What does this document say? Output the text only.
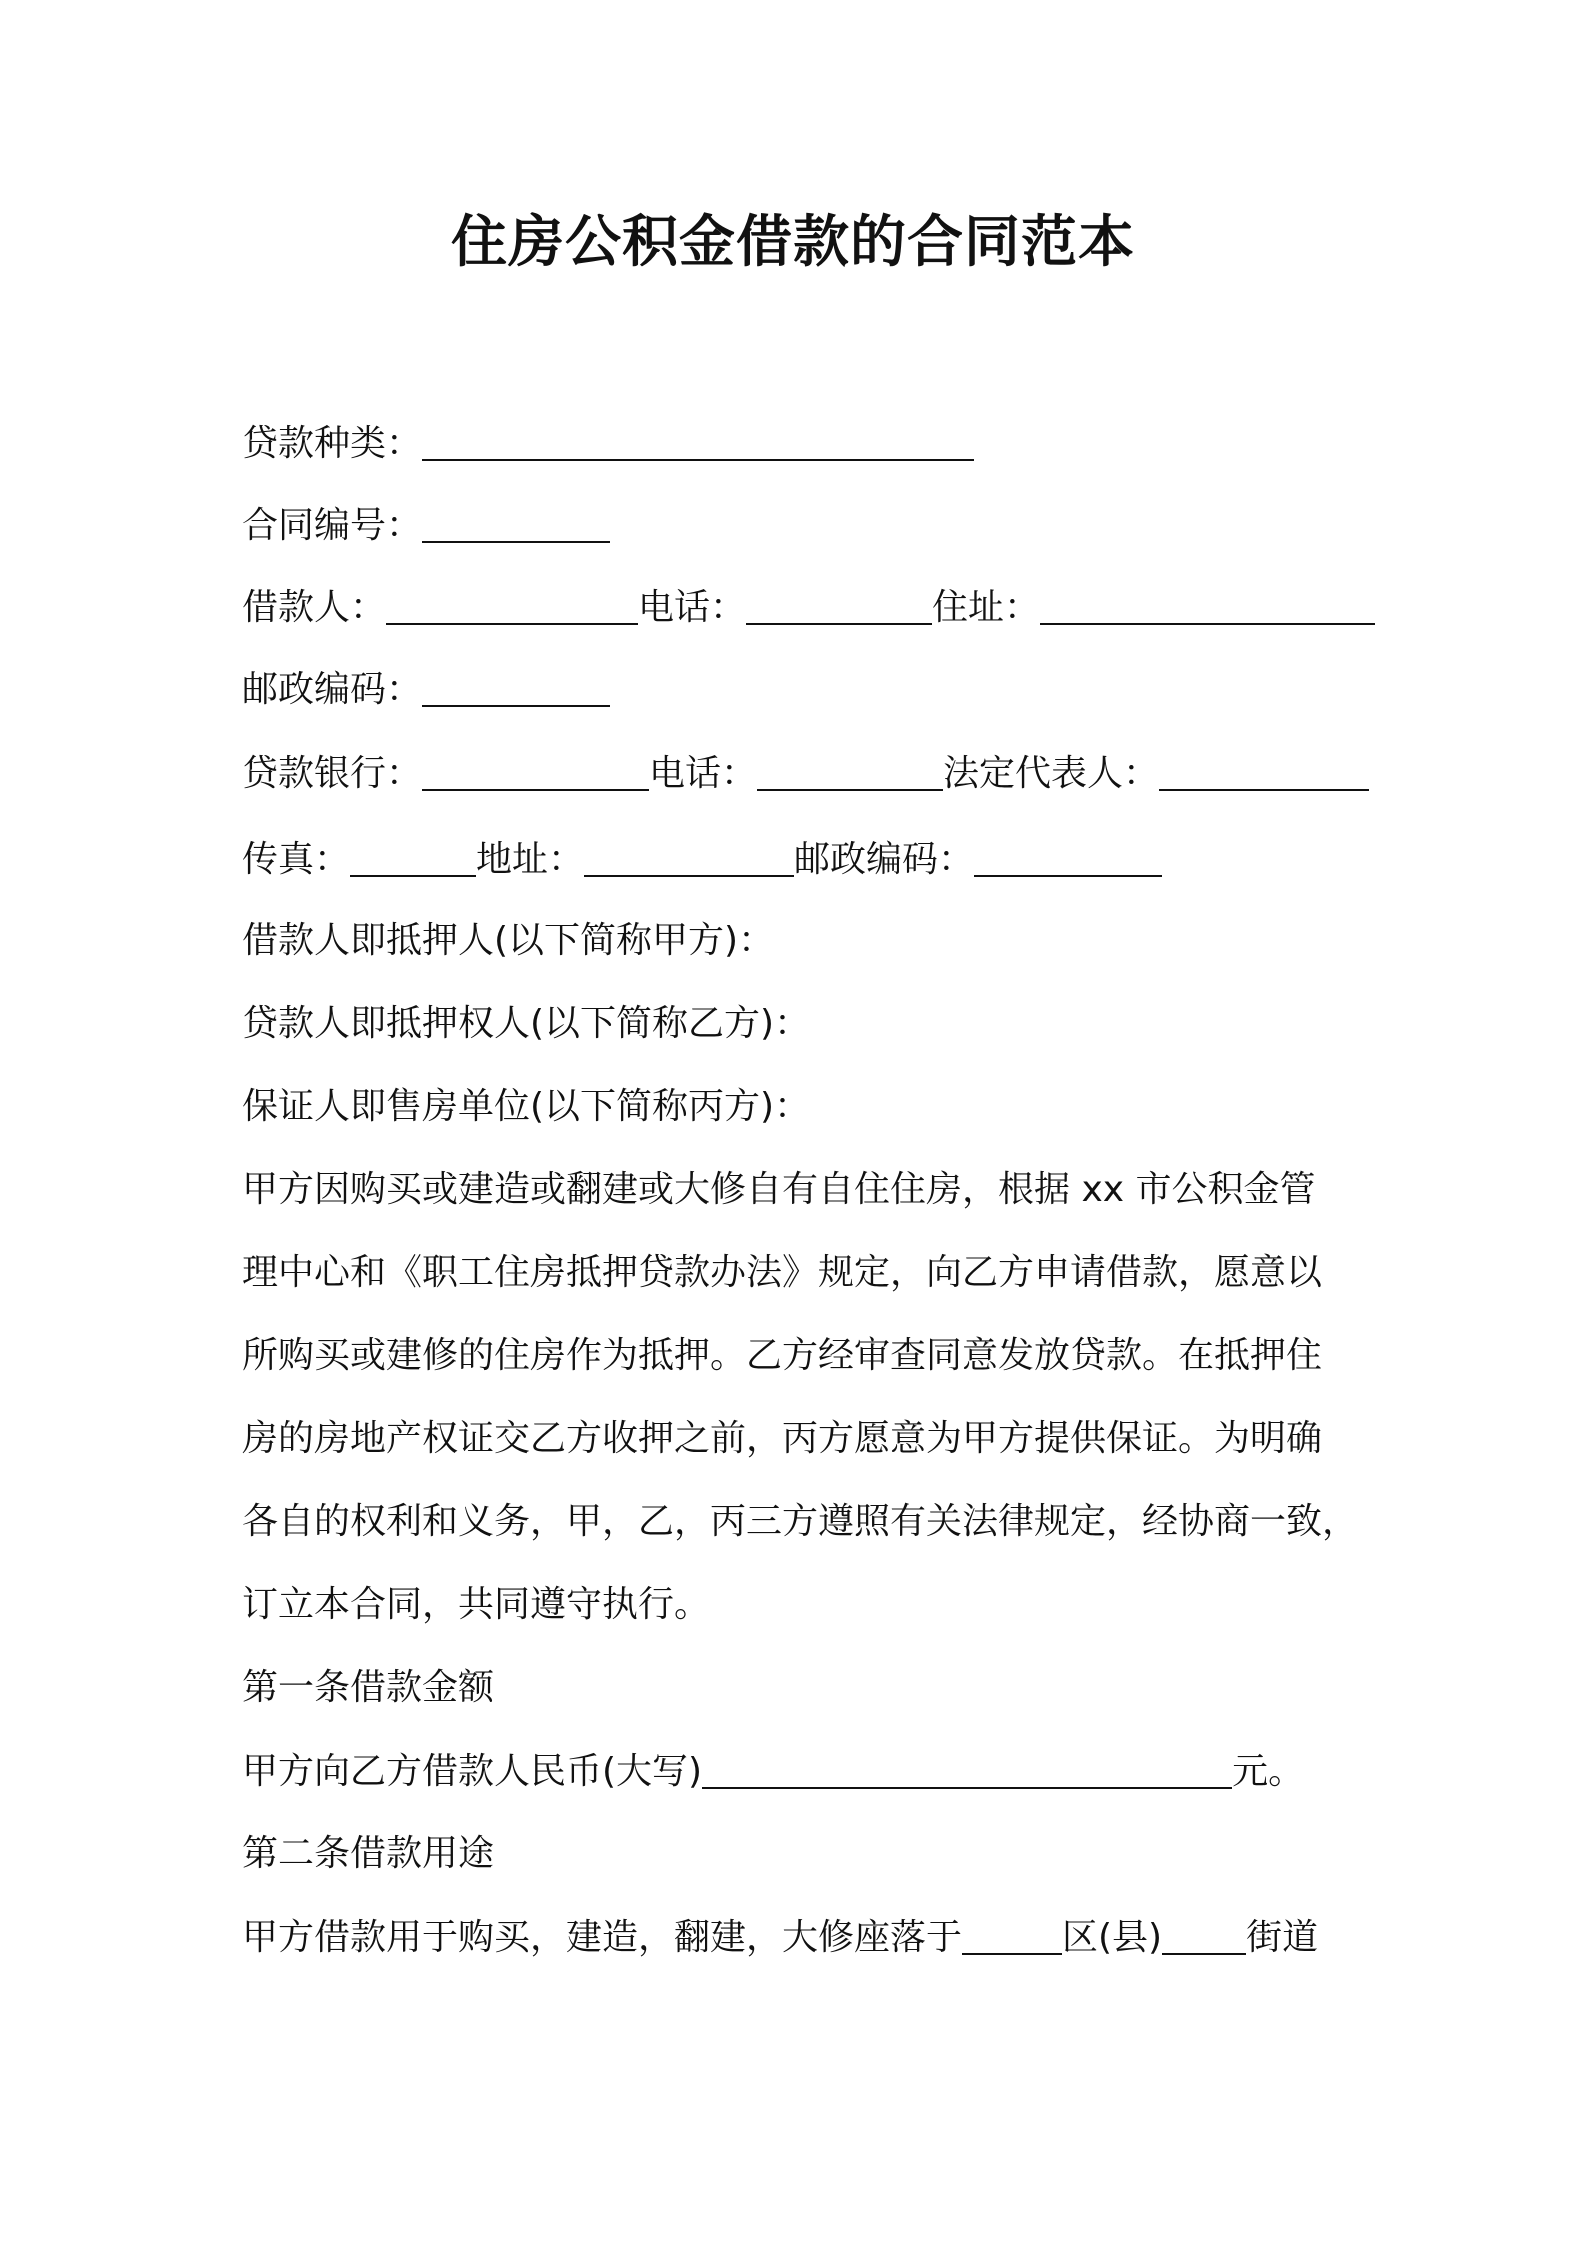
住房公积金借款的合同范本
贷款种类：
合同编号：
借款人：	电话：	住址：
邮政编码：
贷款银行：	电话：	法定代表人：
传真：	地址：	邮政编码：
借款人即抵押人(以下简称甲方)：
贷款人即抵押权人(以下简称乙方)：
保证人即售房单位(以下简称丙方)：
甲方因购买或建造或翻建或大修自有自住住房，根据 xx 市公积金管
理中心和《职工住房抵押贷款办法》规定，向乙方申请借款，愿意以
所购买或建修的住房作为抵押。乙方经审查同意发放贷款。在抵押住
房的房地产权证交乙方收押之前，丙方愿意为甲方提供保证。为明确
各自的权利和义务，甲，乙，丙三方遵照有关法律规定，经协商一致，
订立本合同，共同遵守执行。
第一条借款金额
甲方向乙方借款人民币(大写)	元。
第二条借款用途
甲方借款用于购买，建造，翻建，大修座落于	区(县) 街道
